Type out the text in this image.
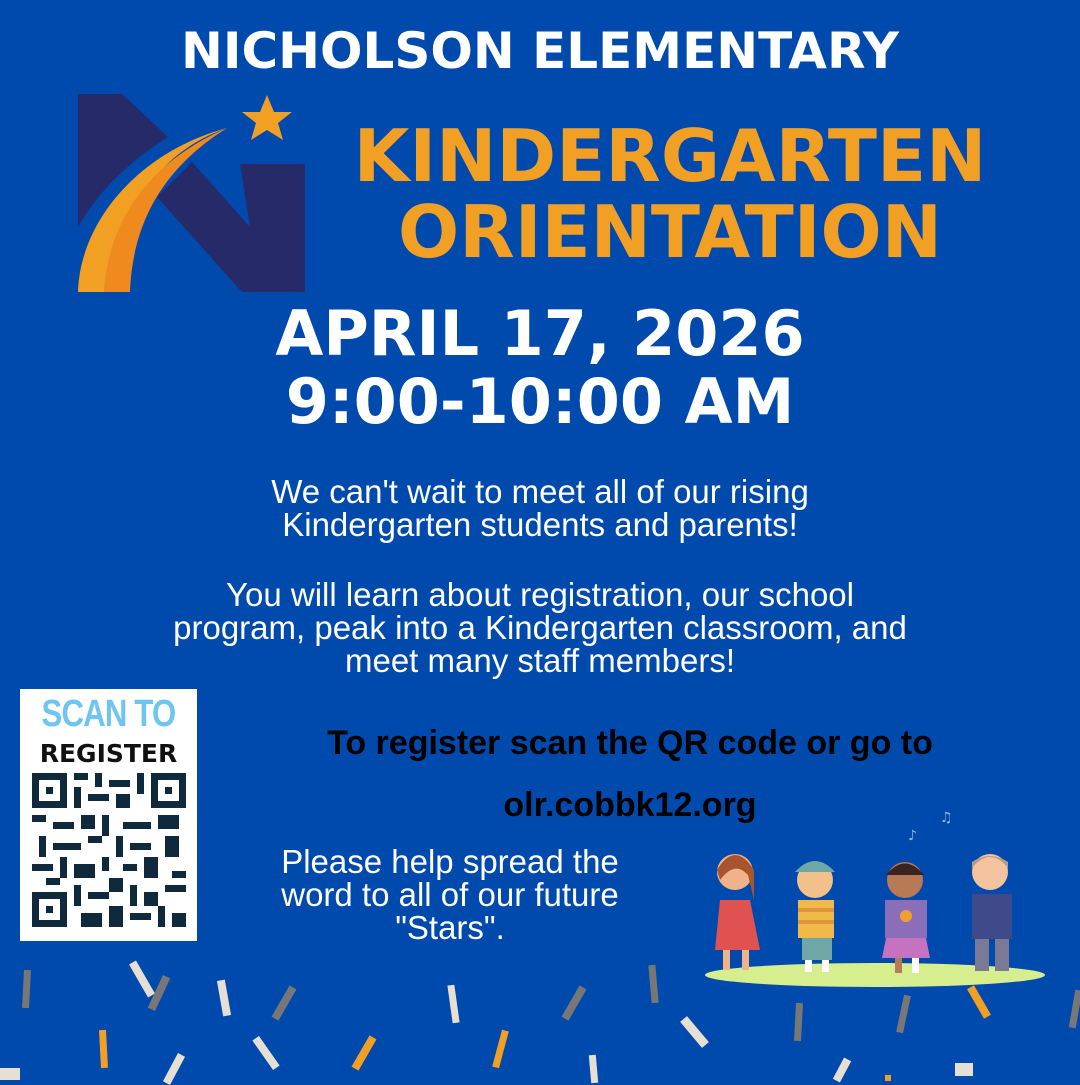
NICHOLSON ELEMENTARY
KINDERGARTEN
ORIENTATION
APRIL 17, 2026
9:00-10:00 AM
We can't wait to meet all of our rising
Kindergarten students and parents!
You will learn about registration, our school
program, peak into a Kindergarten classroom, and
meet many staff members!
SCAN TO
REGISTER	To register scan the QR code or go to
olr.cobbk12.org
Please help spread the
word to all of our future
"Stars".
♪
♫
